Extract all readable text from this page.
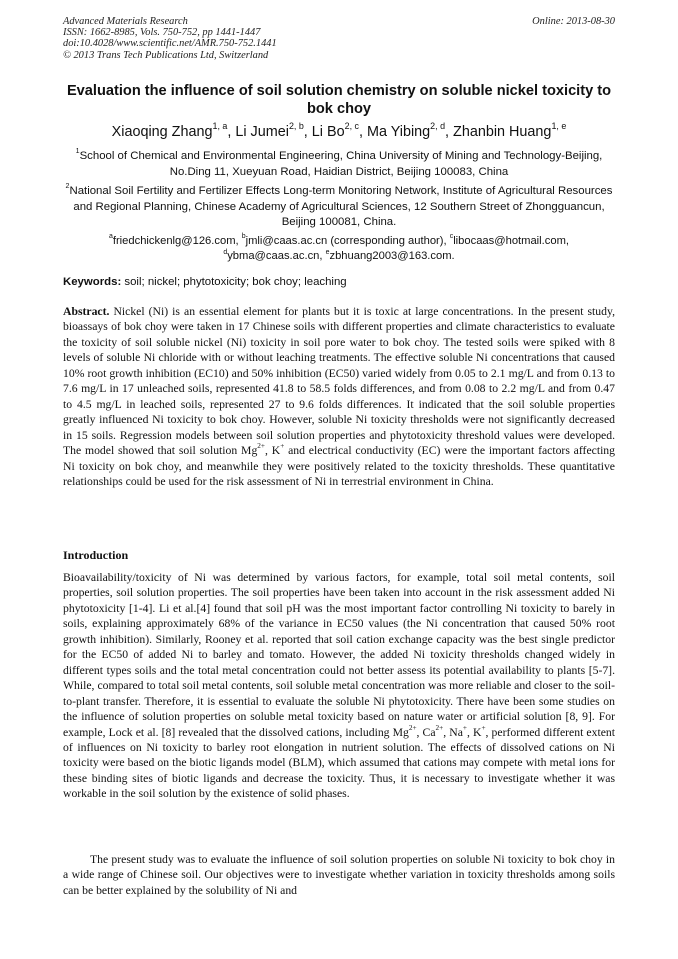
Advanced Materials Research
ISSN: 1662-8985, Vols. 750-752, pp 1441-1447
doi:10.4028/www.scientific.net/AMR.750-752.1441
© 2013 Trans Tech Publications Ltd, Switzerland
Online: 2013-08-30
Evaluation the influence of soil solution chemistry on soluble nickel toxicity to bok choy
Xiaoqing Zhang$^{1, a}$, Li Jumei$^{2, b}$, Li Bo$^{2, c}$, Ma Yibing$^{2, d}$, Zhanbin Huang$^{1, e}$
$^1$School of Chemical and Environmental Engineering, China University of Mining and Technology-Beijing, No.Ding 11, Xueyuan Road, Haidian District, Beijing 100083, China
$^2$National Soil Fertility and Fertilizer Effects Long-term Monitoring Network, Institute of Agricultural Resources and Regional Planning, Chinese Academy of Agricultural Sciences, 12 Southern Street of Zhongguancun, Beijing 100081, China.
$^a$friedchickenlg@126.com, $^b$jmli@caas.ac.cn (corresponding author), $^c$libocaas@hotmail.com,
$^d$ybma@caas.ac.cn, $^e$zbhuang2003@163.com.
Keywords: soil; nickel; phytotoxicity; bok choy; leaching
Abstract. Nickel (Ni) is an essential element for plants but it is toxic at large concentrations. In the present study, bioassays of bok choy were taken in 17 Chinese soils with different properties and climate characteristics to evaluate the toxicity of soil soluble nickel (Ni) toxicity in soil pore water to bok choy. The tested soils were spiked with 8 levels of soluble Ni chloride with or without leaching treatments. The effective soluble Ni concentrations that caused 10% root growth inhibition (EC10) and 50% inhibition (EC50) varied widely from 0.05 to 2.1 mg/L and from 0.13 to 7.6 mg/L in 17 unleached soils, represented 41.8 to 58.5 folds differences, and from 0.08 to 2.2 mg/L and from 0.47 to 4.5 mg/L in leached soils, represented 27 to 9.6 folds differences. It indicated that the soil soluble properties greatly influenced Ni toxicity to bok choy. However, soluble Ni toxicity thresholds were not significantly decreased in 15 soils. Regression models between soil solution properties and phytotoxicity threshold values were developed. The model showed that soil solution $Mg^{2+}$, K+ and electrical conductivity (EC) were the important factors affecting Ni toxicity on bok choy, and meanwhile they were positively related to the toxicity thresholds. These quantitative relationships could be used for the risk assessment of Ni in terrestrial environment in China.
Introduction
Bioavailability/toxicity of Ni was determined by various factors, for example, total soil metal contents, soil properties, soil solution properties. The soil properties have been taken into account in the risk assessment added Ni phytotoxicity [1-4]. Li et al.[4] found that soil pH was the most important factor controlling Ni toxicity to barely in soils, explaining approximately 68% of the variance in EC50 values (the Ni concentration that caused 50% root growth inhibition). Similarly, Rooney et al. reported that soil cation exchange capacity was the best single predictor for the EC50 of added Ni to barley and tomato. However, the added Ni toxicity thresholds changed widely in different types soils and the total metal concentration could not better assess its potential availability to plants [5-7]. While, compared to total soil metal contents, soil soluble metal concentration was more reliable and closer to the soil-to-plant transfer. Therefore, it is essential to evaluate the soluble Ni phytotoxicity. There have been some studies on the influence of solution properties on soluble metal toxicity based on nature water or artificial solution [8, 9]. For example, Lock et al. [8] revealed that the dissolved cations, including $Mg^{2+}$, $Ca^{2+}$, Na+, K+, performed different extent of influences on Ni toxicity to barley root elongation in nutrient solution. The effects of dissolved cations on Ni toxicity were based on the biotic ligands model (BLM), which assumed that cations may compete with metal ions for these binding sites of biotic ligands and decrease the toxicity. Thus, it is necessary to investigate whether it was workable in the soil solution by the existence of solid phases.
The present study was to evaluate the influence of soil solution properties on soluble Ni toxicity to bok choy in a wide range of Chinese soil. Our objectives were to investigate whether variation in toxicity thresholds among soils can be better explained by the solubility of Ni and
